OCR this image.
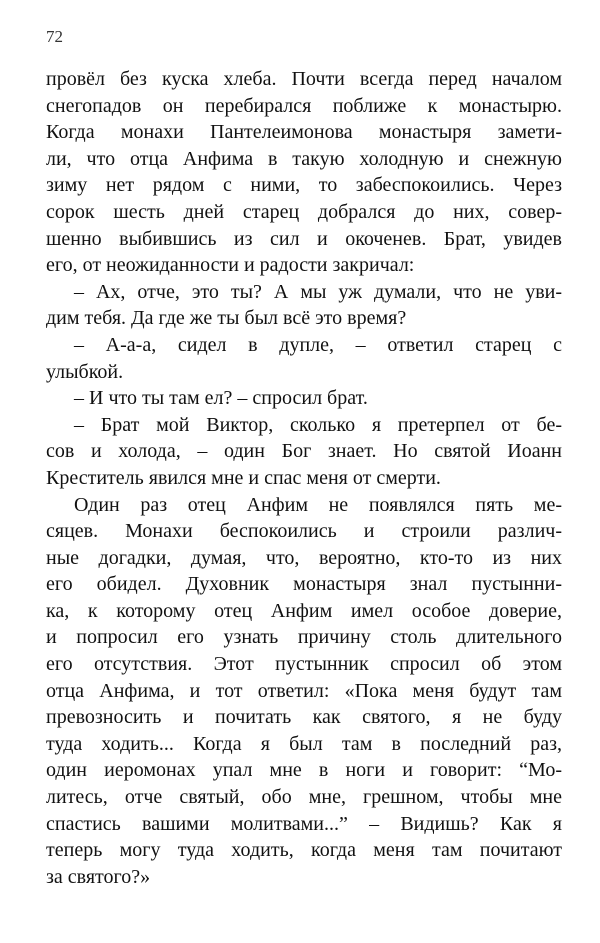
72
провёл без куска хлеба. Почти всегда перед началом
снегопадов он перебирался поближе к монастырю.
Когда монахи Пантелеимонова монастыря замети-
ли, что отца Анфима в такую холодную и снежную
зиму нет рядом с ними, то забеспокоились. Через
сорок шесть дней старец добрался до них, совер-
шенно выбившись из сил и окоченев. Брат, увидев
его, от неожиданности и радости закричал:
– Ах, отче, это ты? А мы уж думали, что не уви-
дим тебя. Да где же ты был всё это время?
– А-а-а, сидел в дупле, – ответил старец с
улыбкой.
– И что ты там ел? – спросил брат.
– Брат мой Виктор, сколько я претерпел от бе-
сов и холода, – один Бог знает. Но святой Иоанн
Креститель явился мне и спас меня от смерти.
Один раз отец Анфим не появлялся пять ме-
сяцев. Монахи беспокоились и строили различ-
ные догадки, думая, что, вероятно, кто-то из них
его обидел. Духовник монастыря знал пустынни-
ка, к которому отец Анфим имел особое доверие,
и попросил его узнать причину столь длительного
его отсутствия. Этот пустынник спросил об этом
отца Анфима, и тот ответил: «Пока меня будут там
превозносить и почитать как святого, я не буду
туда ходить... Когда я был там в последний раз,
один иеромонах упал мне в ноги и говорит: “Мо-
литесь, отче святый, обо мне, грешном, чтобы мне
спастись вашими молитвами...” – Видишь? Как я
теперь могу туда ходить, когда меня там почитают
за святого?»
